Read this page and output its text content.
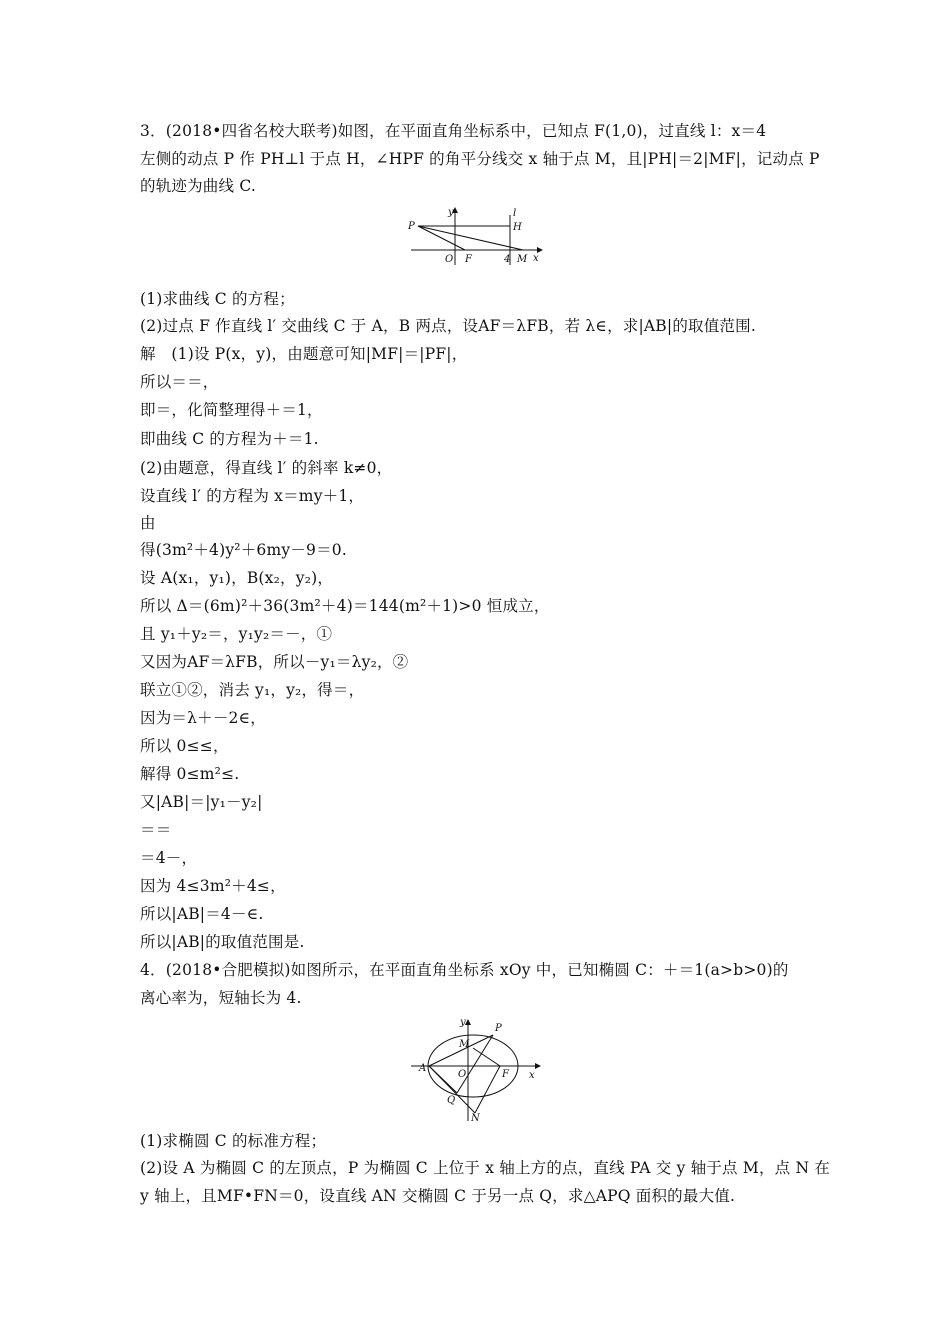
3．(2018•四省名校大联考)如图，在平面直角坐标系中，已知点 F(1,0)，过直线 l：x＝4
左侧的动点 P 作 PH⊥l 于点 H，∠HPF 的角平分线交 x 轴于点 M，且|PH|＝2|MF|，记动点 P
的轨迹为曲线 C.
y	l
P	H
O F	4 M x
(1)求曲线 C 的方程；
(2)过点 F 作直线 l′ 交曲线 C 于 A，B 两点，设AF＝λFB，若 λ∈，求|AB|的取值范围.
解　(1)设 P(x，y)，由题意可知|MF|＝|PF|，
所以＝＝，
即＝，化简整理得＋＝1，
即曲线 C 的方程为＋＝1.
(2)由题意，得直线 l′ 的斜率 k≠0，
设直线 l′ 的方程为 x＝my＋1，
由
得(3m²＋4)y²＋6my－9＝0.
设 A(x₁，y₁)，B(x₂，y₂)，
所以 Δ＝(6m)²＋36(3m²＋4)＝144(m²＋1)>0 恒成立，
且 y₁＋y₂＝，y₁y₂＝－，①
又因为AF＝λFB，所以－y₁＝λy₂，②
联立①②，消去 y₁，y₂，得＝，
因为＝λ＋－2∈，
所以 0≤≤，
解得 0≤m²≤.
又|AB|＝|y₁－y₂|
＝＝
＝4－，
因为 4≤3m²＋4≤，
所以|AB|＝4－∈.
所以|AB|的取值范围是.
4．(2018•合肥模拟)如图所示，在平面直角坐标系 xOy 中，已知椭圆 C：＋＝1(a>b>0)的
离心率为，短轴长为 4.
y
P
M
A
O	F x
Q
N
(1)求椭圆 C 的标准方程；
(2)设 A 为椭圆 C 的左顶点，P 为椭圆 C 上位于 x 轴上方的点，直线 PA 交 y 轴于点 M，点 N 在
y 轴上，且MF•FN＝0，设直线 AN 交椭圆 C 于另一点 Q，求△APQ 面积的最大值.
